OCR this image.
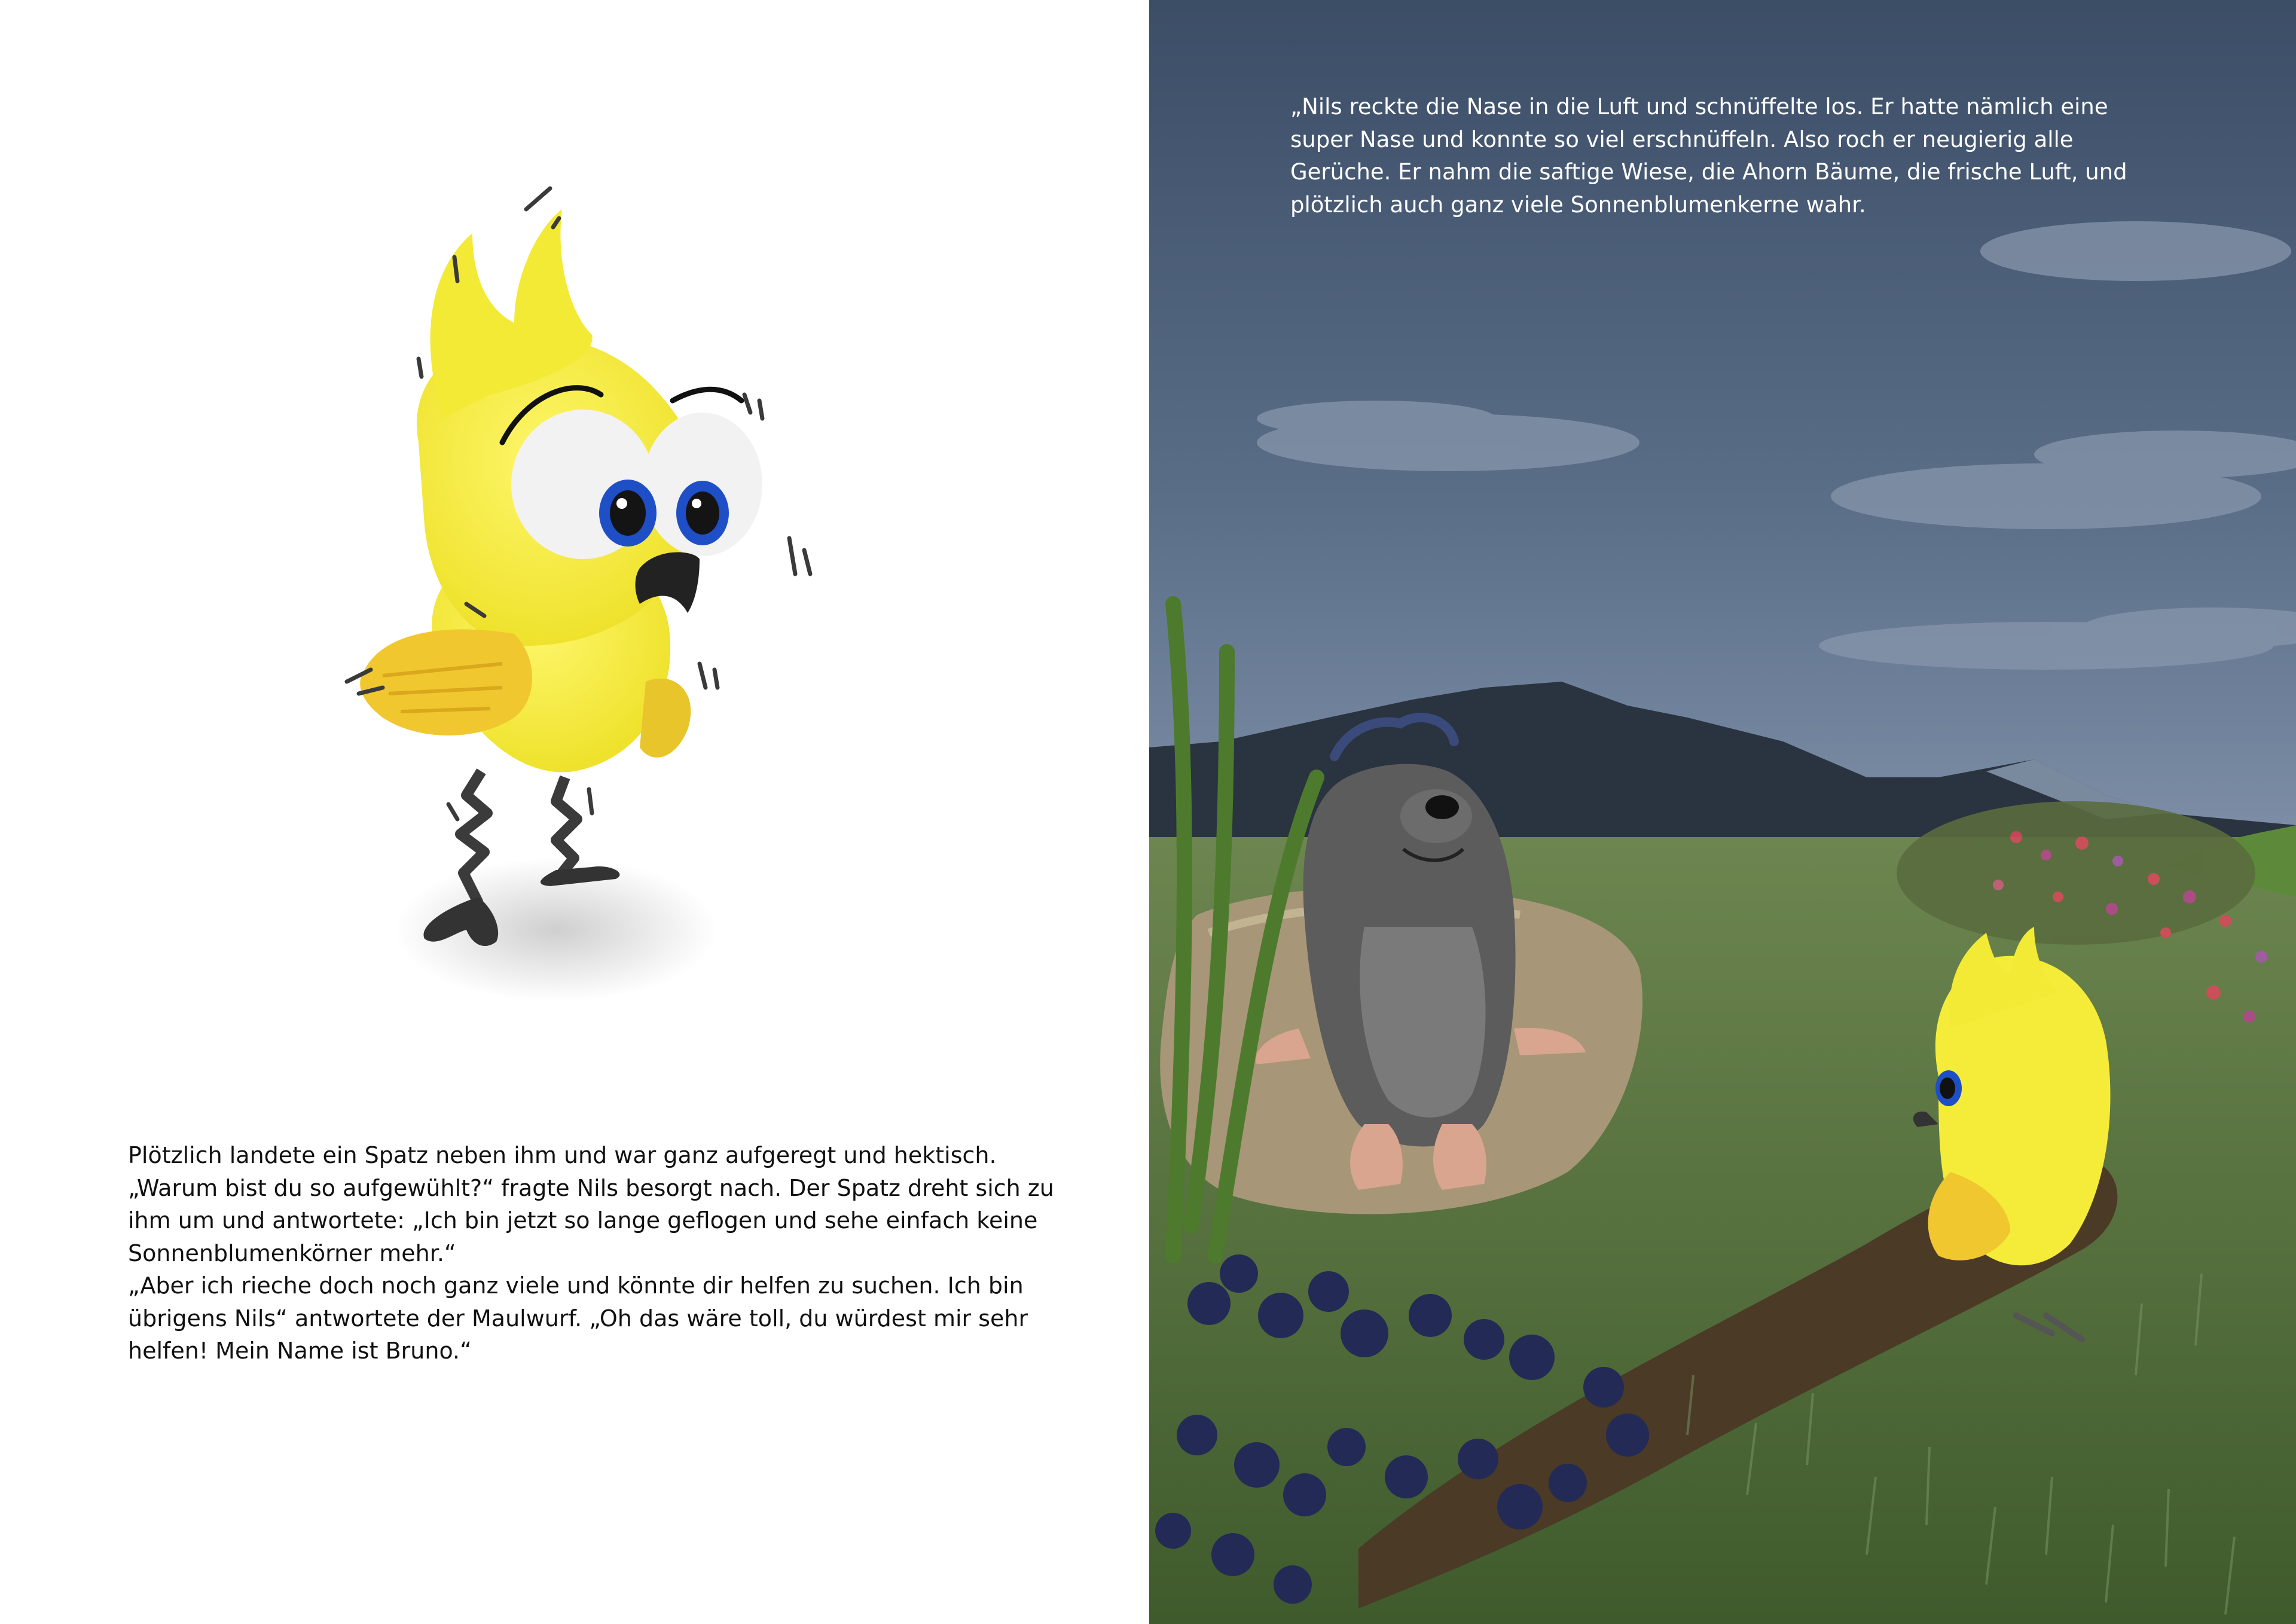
Plötzlich landete ein Spatz neben ihm und war ganz aufgeregt und hektisch.
„Warum bist du so aufgewühlt?“ fragte Nils besorgt nach. Der Spatz dreht sich zu ihm um und antwortete: „Ich bin jetzt so lange geflogen und sehe einfach keine Sonnenblumenkörner mehr.“
„Aber ich rieche doch noch ganz viele und könnte dir helfen zu suchen. Ich bin übrigens Nils“ antwortete der Maulwurf. „Oh das wäre toll, du würdest mir sehr helfen! Mein Name ist Bruno.“

„Nils reckte die Nase in die Luft und schnüffelte los. Er hatte nämlich eine super Nase und konnte so viel erschnüffeln. Also roch er neugierig alle Gerüche. Er nahm die saftige Wiese, die Ahorn Bäume, die frische Luft, und plötzlich auch ganz viele Sonnenblumenkerne wahr.
